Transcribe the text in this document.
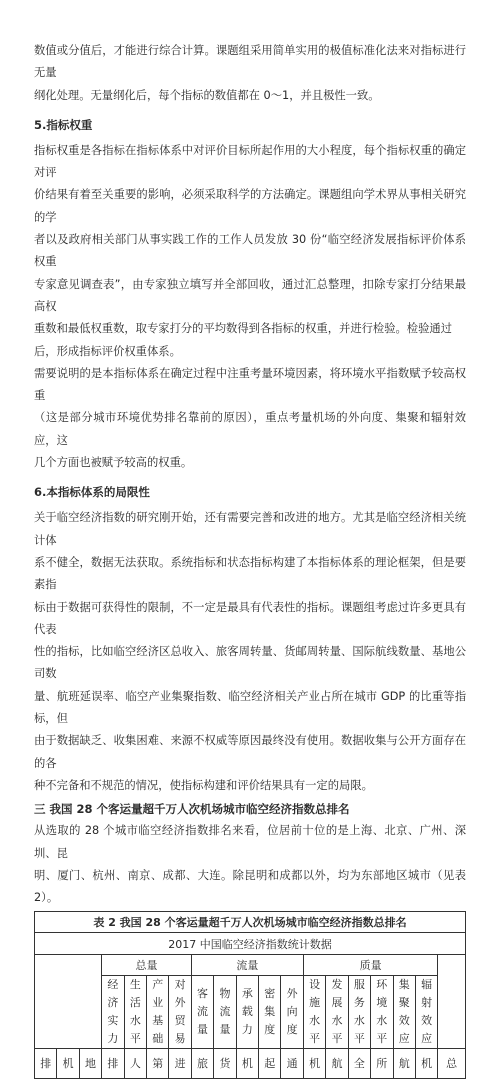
数值或分值后，才能进行综合计算。课题组采用简单实用的极值标准化法来对指标进行无量
纲化处理。无量纲化后，每个指标的数值都在 0～1，并且极性一致。
5.指标权重
指标权重是各指标在指标体系中对评价目标所起作用的大小程度，每个指标权重的确定对评
价结果有着至关重要的影响，必须采取科学的方法确定。课题组向学术界从事相关研究的学
者以及政府相关部门从事实践工作的工作人员发放 30 份“临空经济发展指标评价体系权重
专家意见调查表”，由专家独立填写并全部回收，通过汇总整理，扣除专家打分结果最高权
重数和最低权重数，取专家打分的平均数得到各指标的权重，并进行检验。检验通过
后，形成指标评价权重体系。
需要说明的是本指标体系在确定过程中注重考量环境因素，将环境水平指数赋予较高权重
（这是部分城市环境优势排名靠前的原因），重点考量机场的外向度、集聚和辐射效应，这
几个方面也被赋予较高的权重。
6.本指标体系的局限性
关于临空经济指数的研究刚开始，还有需要完善和改进的地方。尤其是临空经济相关统计体
系不健全，数据无法获取。系统指标和状态指标构建了本指标体系的理论框架，但是要素指
标由于数据可获得性的限制，不一定是最具有代表性的指标。课题组考虑过许多更具有代表
性的指标，比如临空经济区总收入、旅客周转量、货邮周转量、国际航线数量、基地公司数
量、航班延误率、临空产业集聚指数、临空经济相关产业占所在城市 GDP 的比重等指标，但
由于数据缺乏、收集困难、来源不权威等原因最终没有使用。数据收集与公开方面存在的各
种不完备和不规范的情况，使指标构建和评价结果具有一定的局限。
三 我国 28 个客运量超千万人次机场城市临空经济指数总排名
从选取的 28 个城市临空经济指数排名来看，位居前十位的是上海、北京、广州、深圳、昆
明、厦门、杭州、南京、成都、大连。除昆明和成都以外，均为东部地区城市（见表 2）。
表 2 我国 28 个客运量超千万人次机场城市临空经济指数总排名																		
2017 中国临空经济指数统计数据																		
			总量				流量					质量						
			经济实力	生活水平	产业基础	对外贸易	客流量	物流量	承载力	密集度	外向度	设施水平	发展水平	服务水平	环境水平	集聚效应	辐射效应	
排	机	地	排	人	第	进	旅	货	机	起	通	机	航	全	所	航	机	总
